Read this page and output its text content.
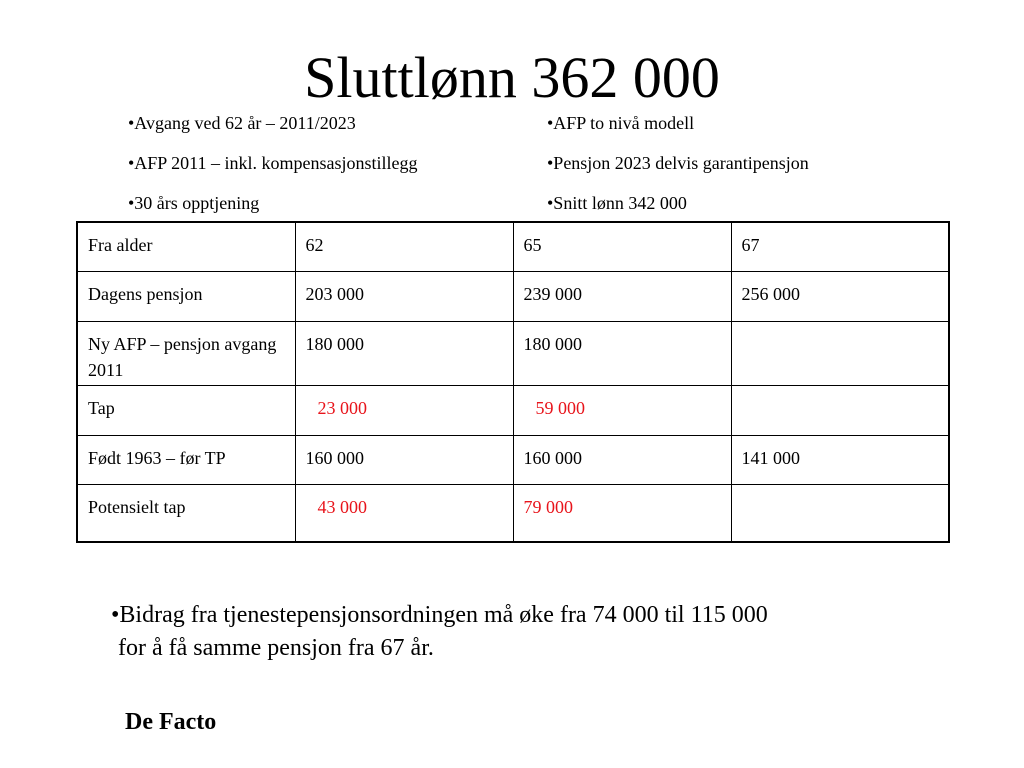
Sluttlønn 362 000
•Avgang ved 62 år – 2011/2023
•AFP 2011 – inkl. kompensasjonstillegg
•30 års opptjening
•AFP to nivå modell
•Pensjon 2023 delvis garantipensjon
•Snitt lønn 342 000
Fra alder	62	65	67
Dagens pensjon	203 000	239 000	256 000
Ny AFP – pensjon avgang 2011	180 000	180 000	
Tap	23 000	59 000	
Født 1963 – før TP	160 000	160 000	141 000
Potensielt tap	43 000	79 000	
•Bidrag fra tjenestepensjonsordningen må øke fra 74 000 til 115 000
for å få samme pensjon fra 67 år.
De Facto
